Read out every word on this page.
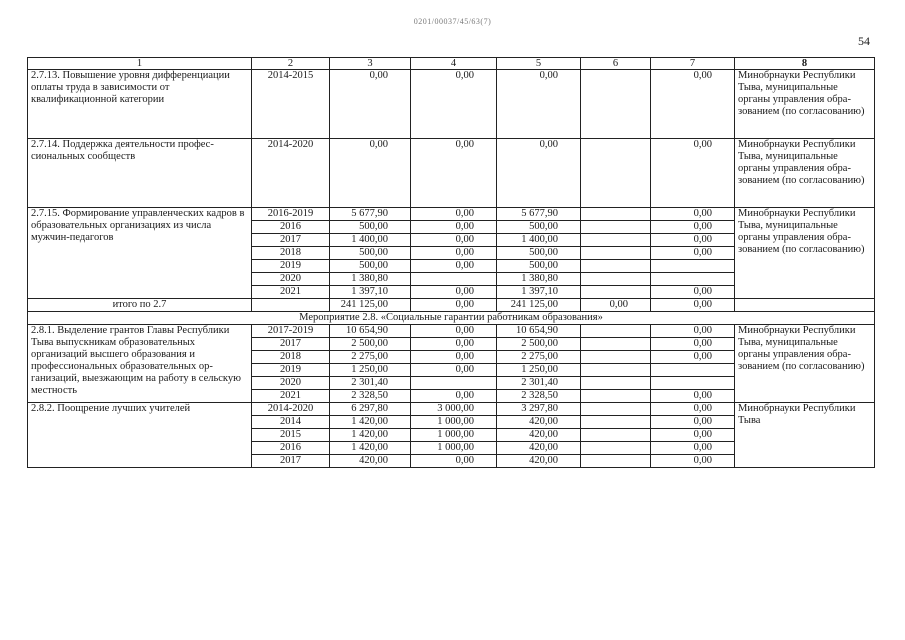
0201/00037/45/63(7)
54
1	2	3	4	5	6	7	8
2.7.13. Повышение уровня дифференциации оплаты труда в зависимости от квалификационной категории	2014-2015	0,00	0,00	0,00		0,00	Минобрнауки Республики Тыва, муниципальные органы управления образованием (по согласованию)
2.7.14. Поддержка деятельности профессиональных сообществ	2014-2020	0,00	0,00	0,00		0,00	Минобрнауки Республики Тыва, муниципальные органы управления образованием (по согласованию)
2.7.15. Формирование управленческих кадров в образовательных организациях из числа мужчин-педагогов	2016-2019	5 677,90	0,00	5 677,90		0,00	Минобрнауки Республики Тыва, муниципальные органы управления образованием (по согласованию)
	2016	500,00	0,00	500,00		0,00	
	2017	1 400,00	0,00	1 400,00		0,00	
	2018	500,00	0,00	500,00		0,00	
	2019	500,00	0,00	500,00			
	2020	1 380,80		1 380,80			
	2021	1 397,10	0,00	1 397,10		0,00	
итого по 2.7		241 125,00	0,00	241 125,00	0,00	0,00	
Мероприятие 2.8. «Социальные гарантии работникам образования»							
2.8.1. Выделение грантов Главы Республики Тыва выпускникам образовательных организаций высшего образования и профессиональных образовательных организаций, выезжающим на работу в сельскую местность	2017-2019	10 654,90	0,00	10 654,90		0,00	Минобрнауки Республики Тыва, муниципальные органы управления образованием (по согласованию)
	2017	2 500,00	0,00	2 500,00		0,00	
	2018	2 275,00	0,00	2 275,00		0,00	
	2019	1 250,00	0,00	1 250,00			
	2020	2 301,40		2 301,40			
	2021	2 328,50	0,00	2 328,50		0,00	
2.8.2. Поощрение лучших учителей	2014-2020	6 297,80	3 000,00	3 297,80		0,00	Минобрнауки Республики Тыва
	2014	1 420,00	1 000,00	420,00		0,00	
	2015	1 420,00	1 000,00	420,00		0,00	
	2016	1 420,00	1 000,00	420,00		0,00	
	2017	420,00	0,00	420,00		0,00	
